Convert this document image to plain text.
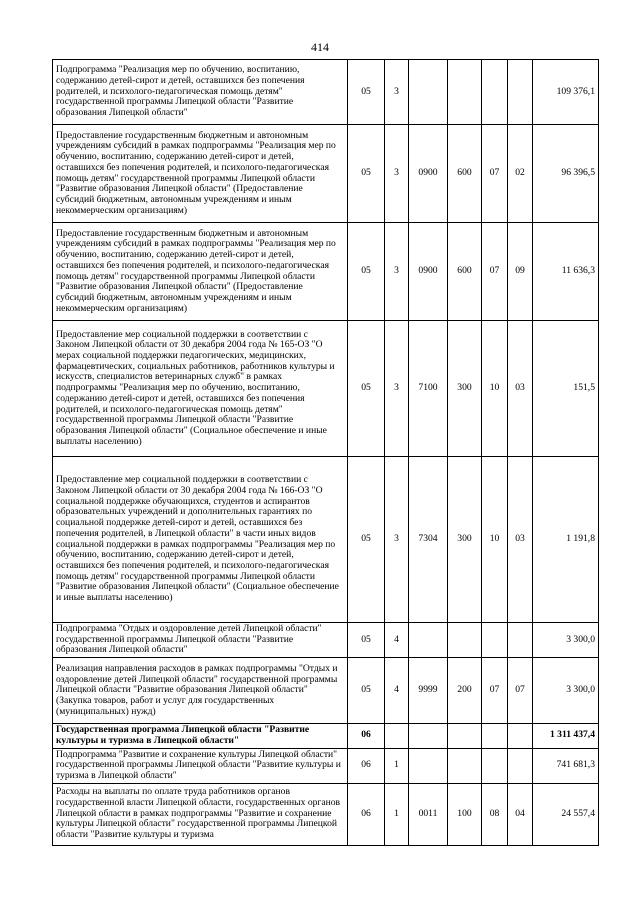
414
Подпрограмма "Реализация мер по обучению, воспитанию, содержанию детей-сирот и детей, оставшихся без попечения родителей, и психолого-педагогическая помощь детям" государственной программы Липецкой области "Развитие образования Липецкой области"	05	3					109 376,1
Предоставление государственным бюджетным и автономным учреждениям субсидий в рамках подпрограммы "Реализация мер по обучению, воспитанию, содержанию детей-сирот и детей, оставшихся без попечения родителей, и психолого-педагогическая помощь детям" государственной программы Липецкой области "Развитие образования Липецкой области" (Предоставление субсидий бюджетным, автономным учреждениям и иным некоммерческим организациям)	05	3	0900	600	07	02	96 396,5
Предоставление государственным бюджетным и автономным учреждениям субсидий в рамках подпрограммы "Реализация мер по обучению, воспитанию, содержанию детей-сирот и детей, оставшихся без попечения родителей, и психолого-педагогическая помощь детям" государственной программы Липецкой области "Развитие образования Липецкой области" (Предоставление субсидий бюджетным, автономным учреждениям и иным некоммерческим организациям)	05	3	0900	600	07	09	11 636,3
Предоставление мер социальной поддержки в соответствии с Законом Липецкой области от 30 декабря 2004 года № 165-ОЗ "О мерах социальной поддержки педагогических, медицинских, фармацевтических, социальных работников, работников культуры и искусств, специалистов ветеринарных служб" в рамках подпрограммы "Реализация мер по обучению, воспитанию, содержанию детей-сирот и детей, оставшихся без попечения родителей, и психолого-педагогическая помощь детям" государственной программы Липецкой области "Развитие образования Липецкой области" (Социальное обеспечение и иные выплаты населению)	05	3	7100	300	10	03	151,5
Предоставление мер социальной поддержки в соответствии с Законом Липецкой области от 30 декабря 2004 года № 166-ОЗ "О социальной поддержке обучающихся, студентов и аспирантов образовательных учреждений и дополнительных гарантиях по социальной поддержке детей-сирот и детей, оставшихся без попечения родителей, в Липецкой области" в части иных видов социальной поддержки в рамках подпрограммы "Реализация мер по обучению, воспитанию, содержанию детей-сирот и детей, оставшихся без попечения родителей, и психолого-педагогическая помощь детям" государственной программы Липецкой области "Развитие образования Липецкой области" (Социальное обеспечение и иные выплаты населению)	05	3	7304	300	10	03	1 191,8
Подпрограмма "Отдых и оздоровление детей Липецкой области" государственной программы Липецкой области "Развитие образования Липецкой области"	05	4					3 300,0
Реализация направления расходов в рамках подпрограммы "Отдых и оздоровление детей Липецкой области" государственной программы Липецкой области "Развитие образования Липецкой области" (Закупка товаров, работ и услуг для государственных (муниципальных) нужд)	05	4	9999	200	07	07	3 300,0
Государственная программа Липецкой области "Развитие культуры и туризма в Липецкой области"	06						1 311 437,4
Подпрограмма "Развитие и сохранение культуры Липецкой области" государственной программы Липецкой области "Развитие культуры и туризма в Липецкой области"	06	1					741 681,3
Расходы на выплаты по оплате труда работников органов государственной власти Липецкой области, государственных органов Липецкой области в рамках подпрограммы "Развитие и сохранение культуры Липецкой области" государственной программы Липецкой области "Развитие культуры и туризма	06	1	0011	100	08	04	24 557,4
